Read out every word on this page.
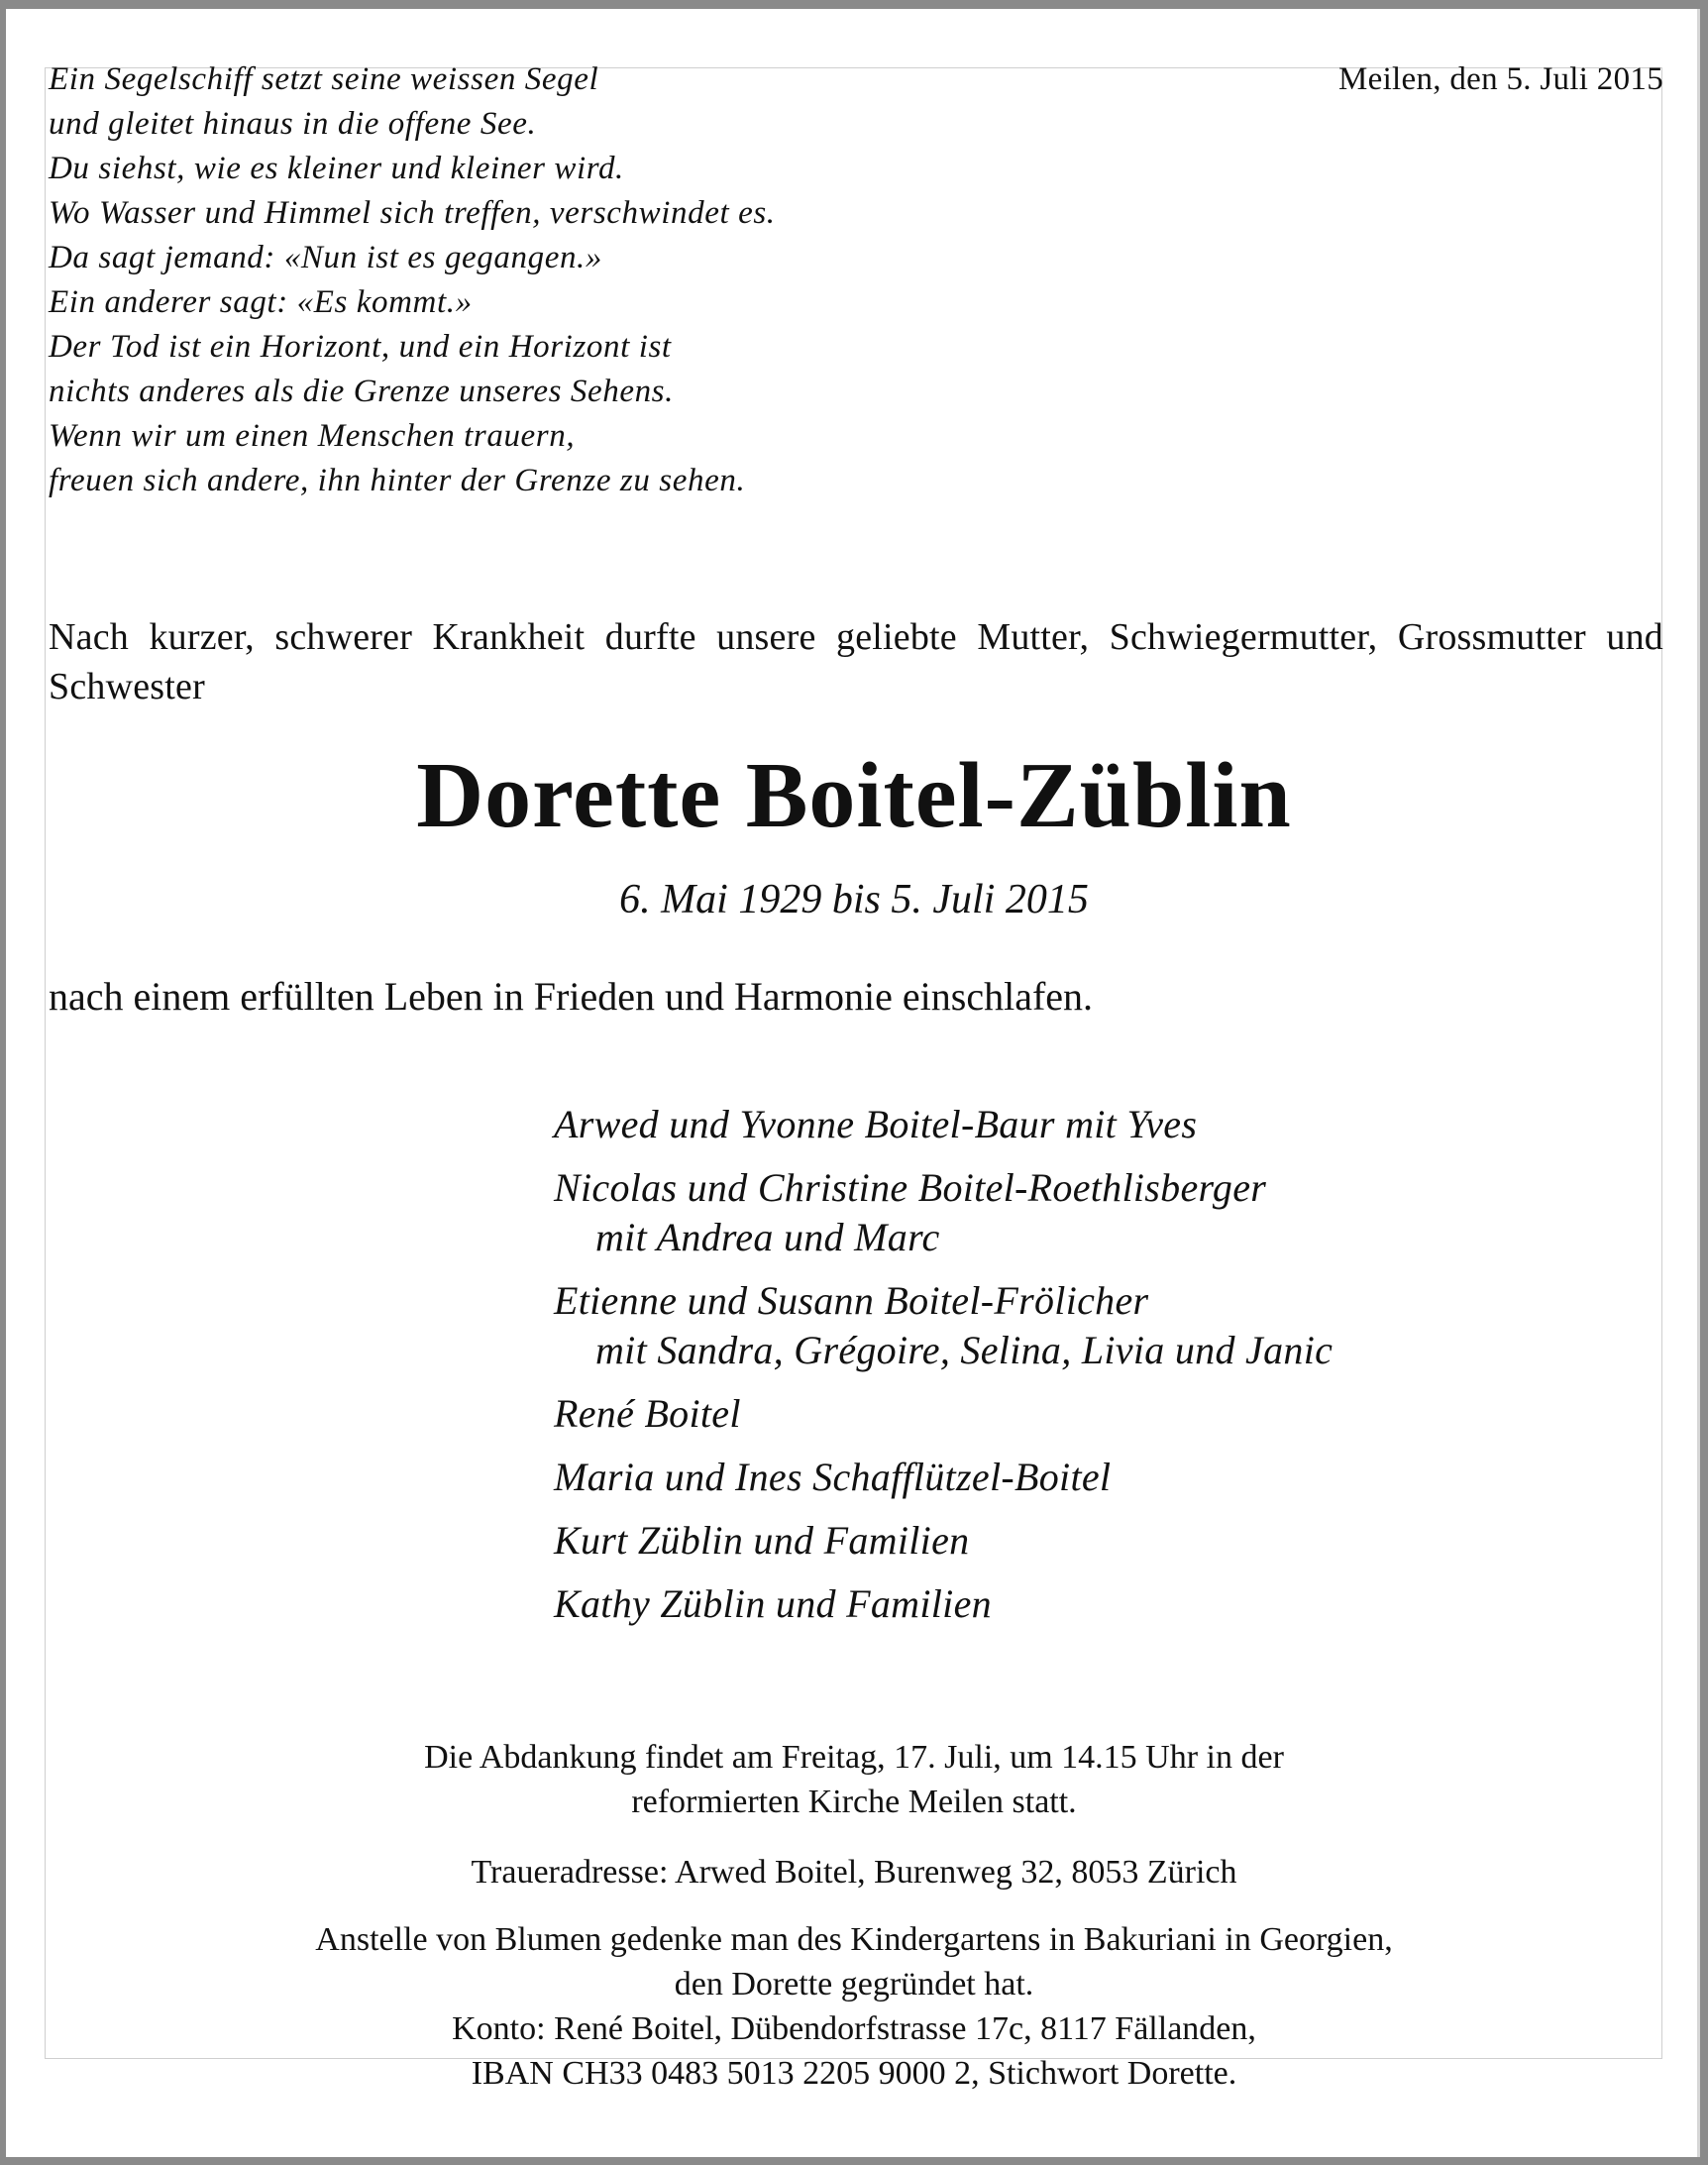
Ein Segelschiff setzt seine weissen Segel
und gleitet hinaus in die offene See.
Du siehst, wie es kleiner und kleiner wird.
Wo Wasser und Himmel sich treffen, verschwindet es.
Da sagt jemand: «Nun ist es gegangen.»
Ein anderer sagt: «Es kommt.»
Der Tod ist ein Horizont, und ein Horizont ist
nichts anderes als die Grenze unseres Sehens.
Wenn wir um einen Menschen trauern,
freuen sich andere, ihn hinter der Grenze zu sehen.
Meilen, den 5. Juli 2015
Nach kurzer, schwerer Krankheit durfte unsere geliebte Mutter, Schwiegermutter, Grossmutter und Schwester
Dorette Boitel-Züblin
6. Mai 1929 bis 5. Juli 2015
nach einem erfüllten Leben in Frieden und Harmonie einschlafen.
Arwed und Yvonne Boitel-Baur mit Yves
Nicolas und Christine Boitel-Roethlisberger
mit Andrea und Marc
Etienne und Susann Boitel-Frölicher
mit Sandra, Grégoire, Selina, Livia und Janic
René Boitel
Maria und Ines Schafflützel-Boitel
Kurt Züblin und Familien
Kathy Züblin und Familien
Die Abdankung findet am Freitag, 17. Juli, um 14.15 Uhr in der
reformierten Kirche Meilen statt.
Traueradresse: Arwed Boitel, Burenweg 32, 8053 Zürich
Anstelle von Blumen gedenke man des Kindergartens in Bakuriani in Georgien,
den Dorette gegründet hat.
Konto: René Boitel, Dübendorfstrasse 17c, 8117 Fällanden,
IBAN CH33 0483 5013 2205 9000 2, Stichwort Dorette.
